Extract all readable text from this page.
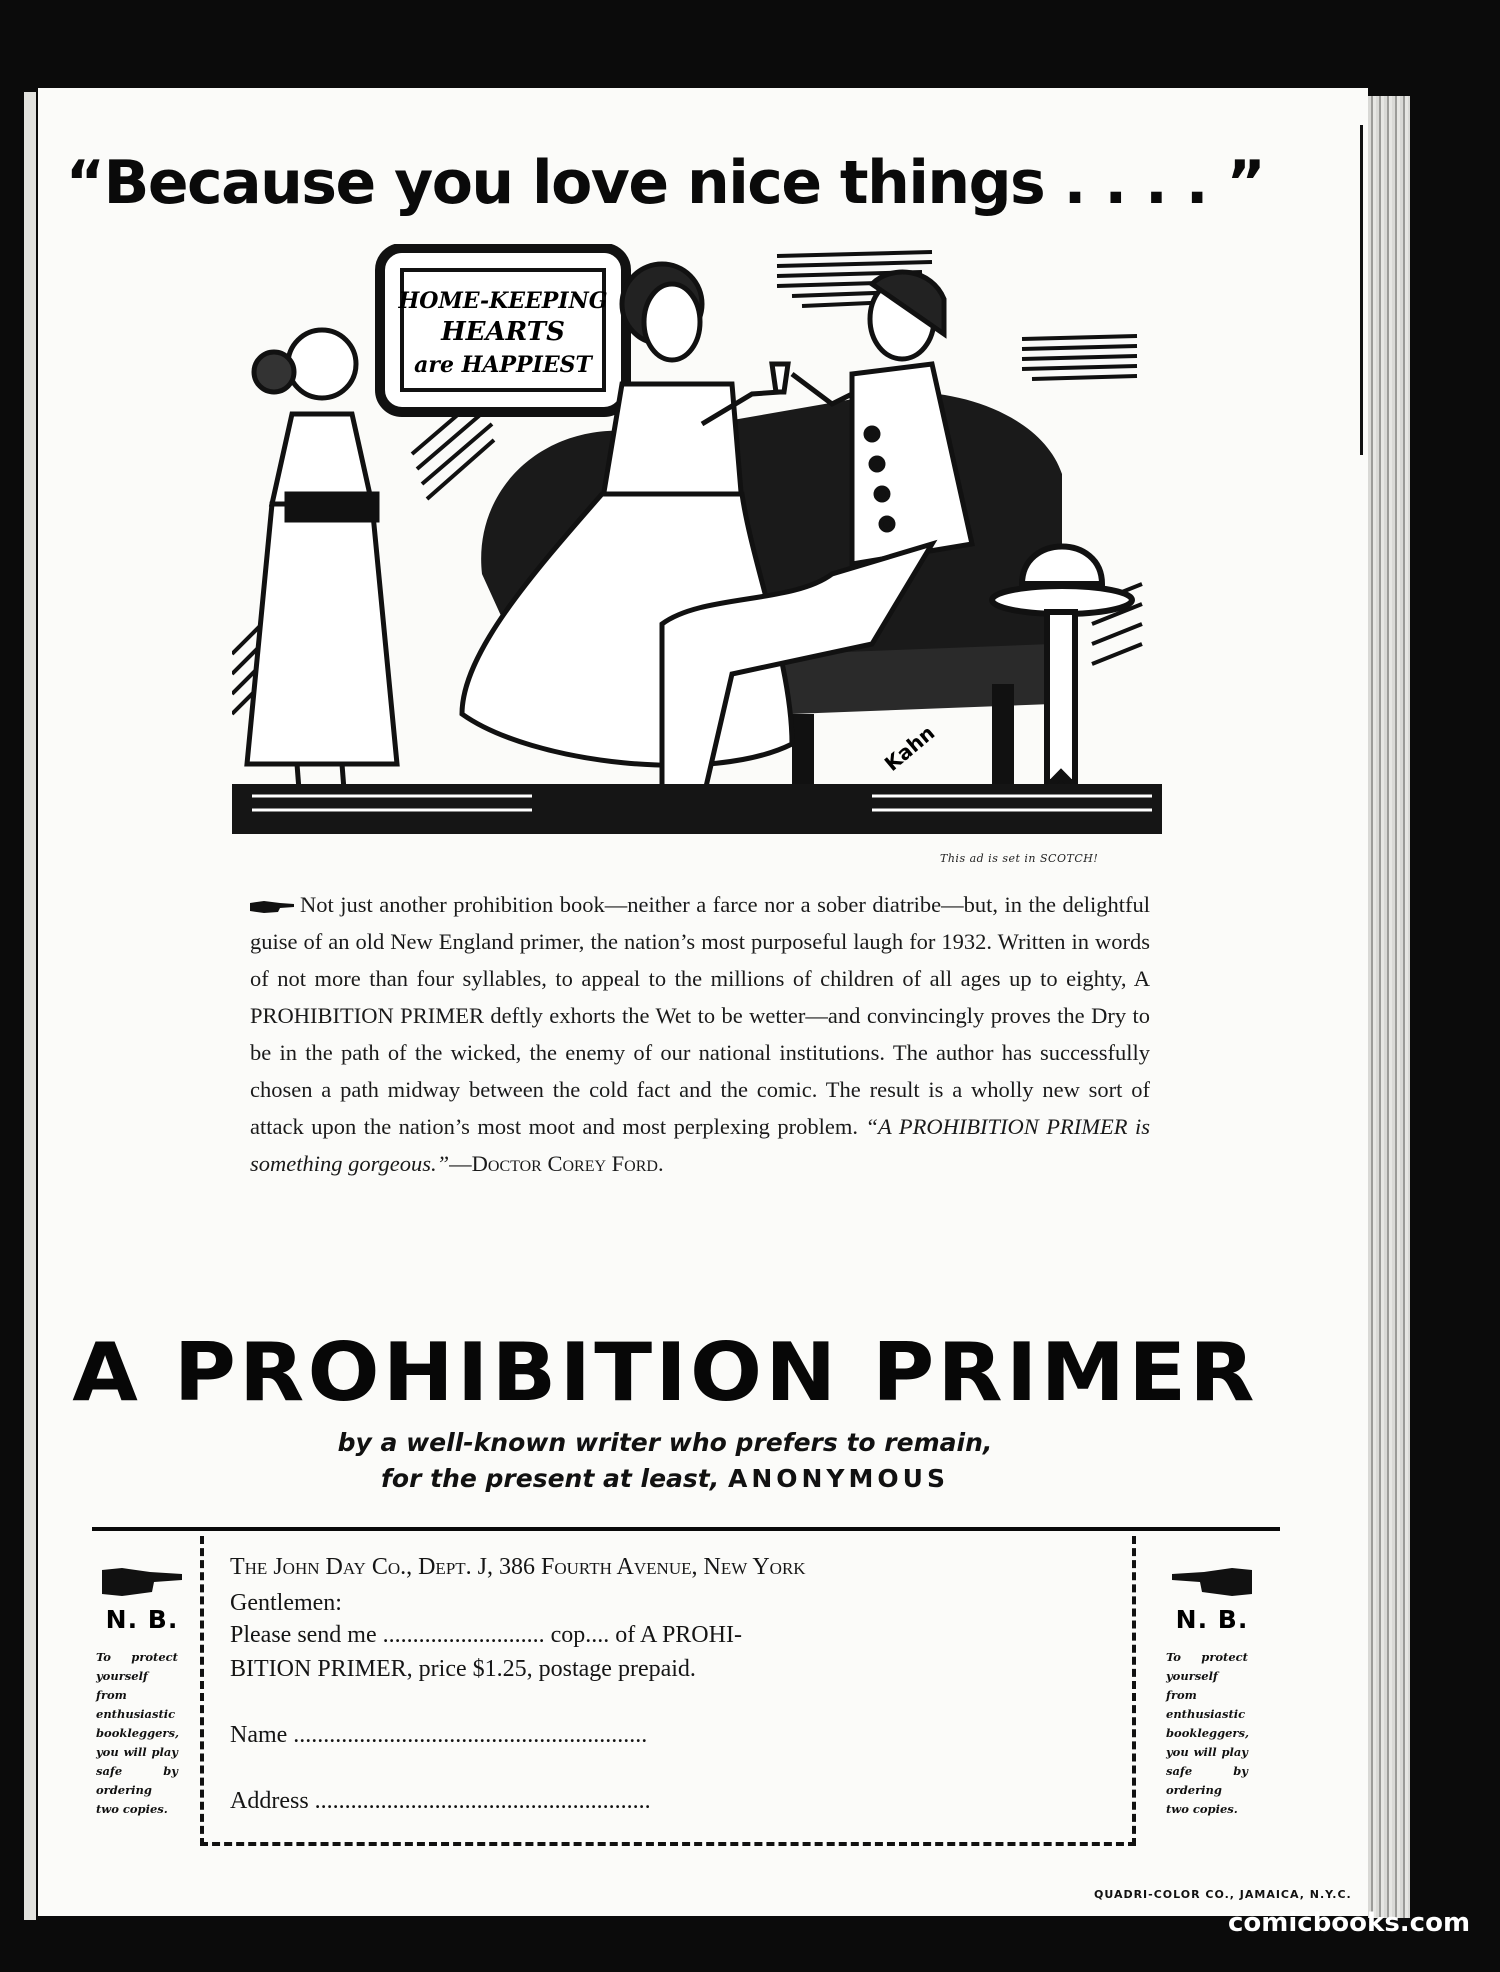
“Because you love nice things . . . . ”
HOME-KEEPING
HEARTS
are HAPPIEST
Kahn
This ad is set in SCOTCH!

Not just another prohibition book—neither a farce nor a sober diatribe—but, in the delightful guise of an old New England primer, the nation’s most purposeful laugh for 1932. Written in words of not more than four syllables, to appeal to the millions of children of all ages up to eighty, A PROHIBITION PRIMER deftly exhorts the Wet to be wetter—and convincingly proves the Dry to be in the path of the wicked, the enemy of our national institutions. The author has successfully chosen a path midway between the cold fact and the comic. The result is a wholly new sort of attack upon the nation’s most moot and most perplexing problem. “A PROHIBITION PRIMER is something gorgeous.”—Doctor Corey Ford.

A PROHIBITION PRIMER

by a well-known writer who prefers to remain,

for the present at least, ANONYMOUS

The John Day Co., Dept. J, 386 Fourth Avenue, New York

Gentlemen:

Please send me ........................... cop.... of A PROHI-

BITION PRIMER, price $1.25, postage prepaid.

Name ...........................................................

Address ........................................................

N. B.

To protect yourself from enthusiastic bookleggers, you will play safe by ordering two copies.

N. B.

To protect yourself from enthusiastic bookleggers, you will play safe by ordering two copies.

QUADRI-COLOR CO., JAMAICA, N.Y.C.
comicbooks.com
